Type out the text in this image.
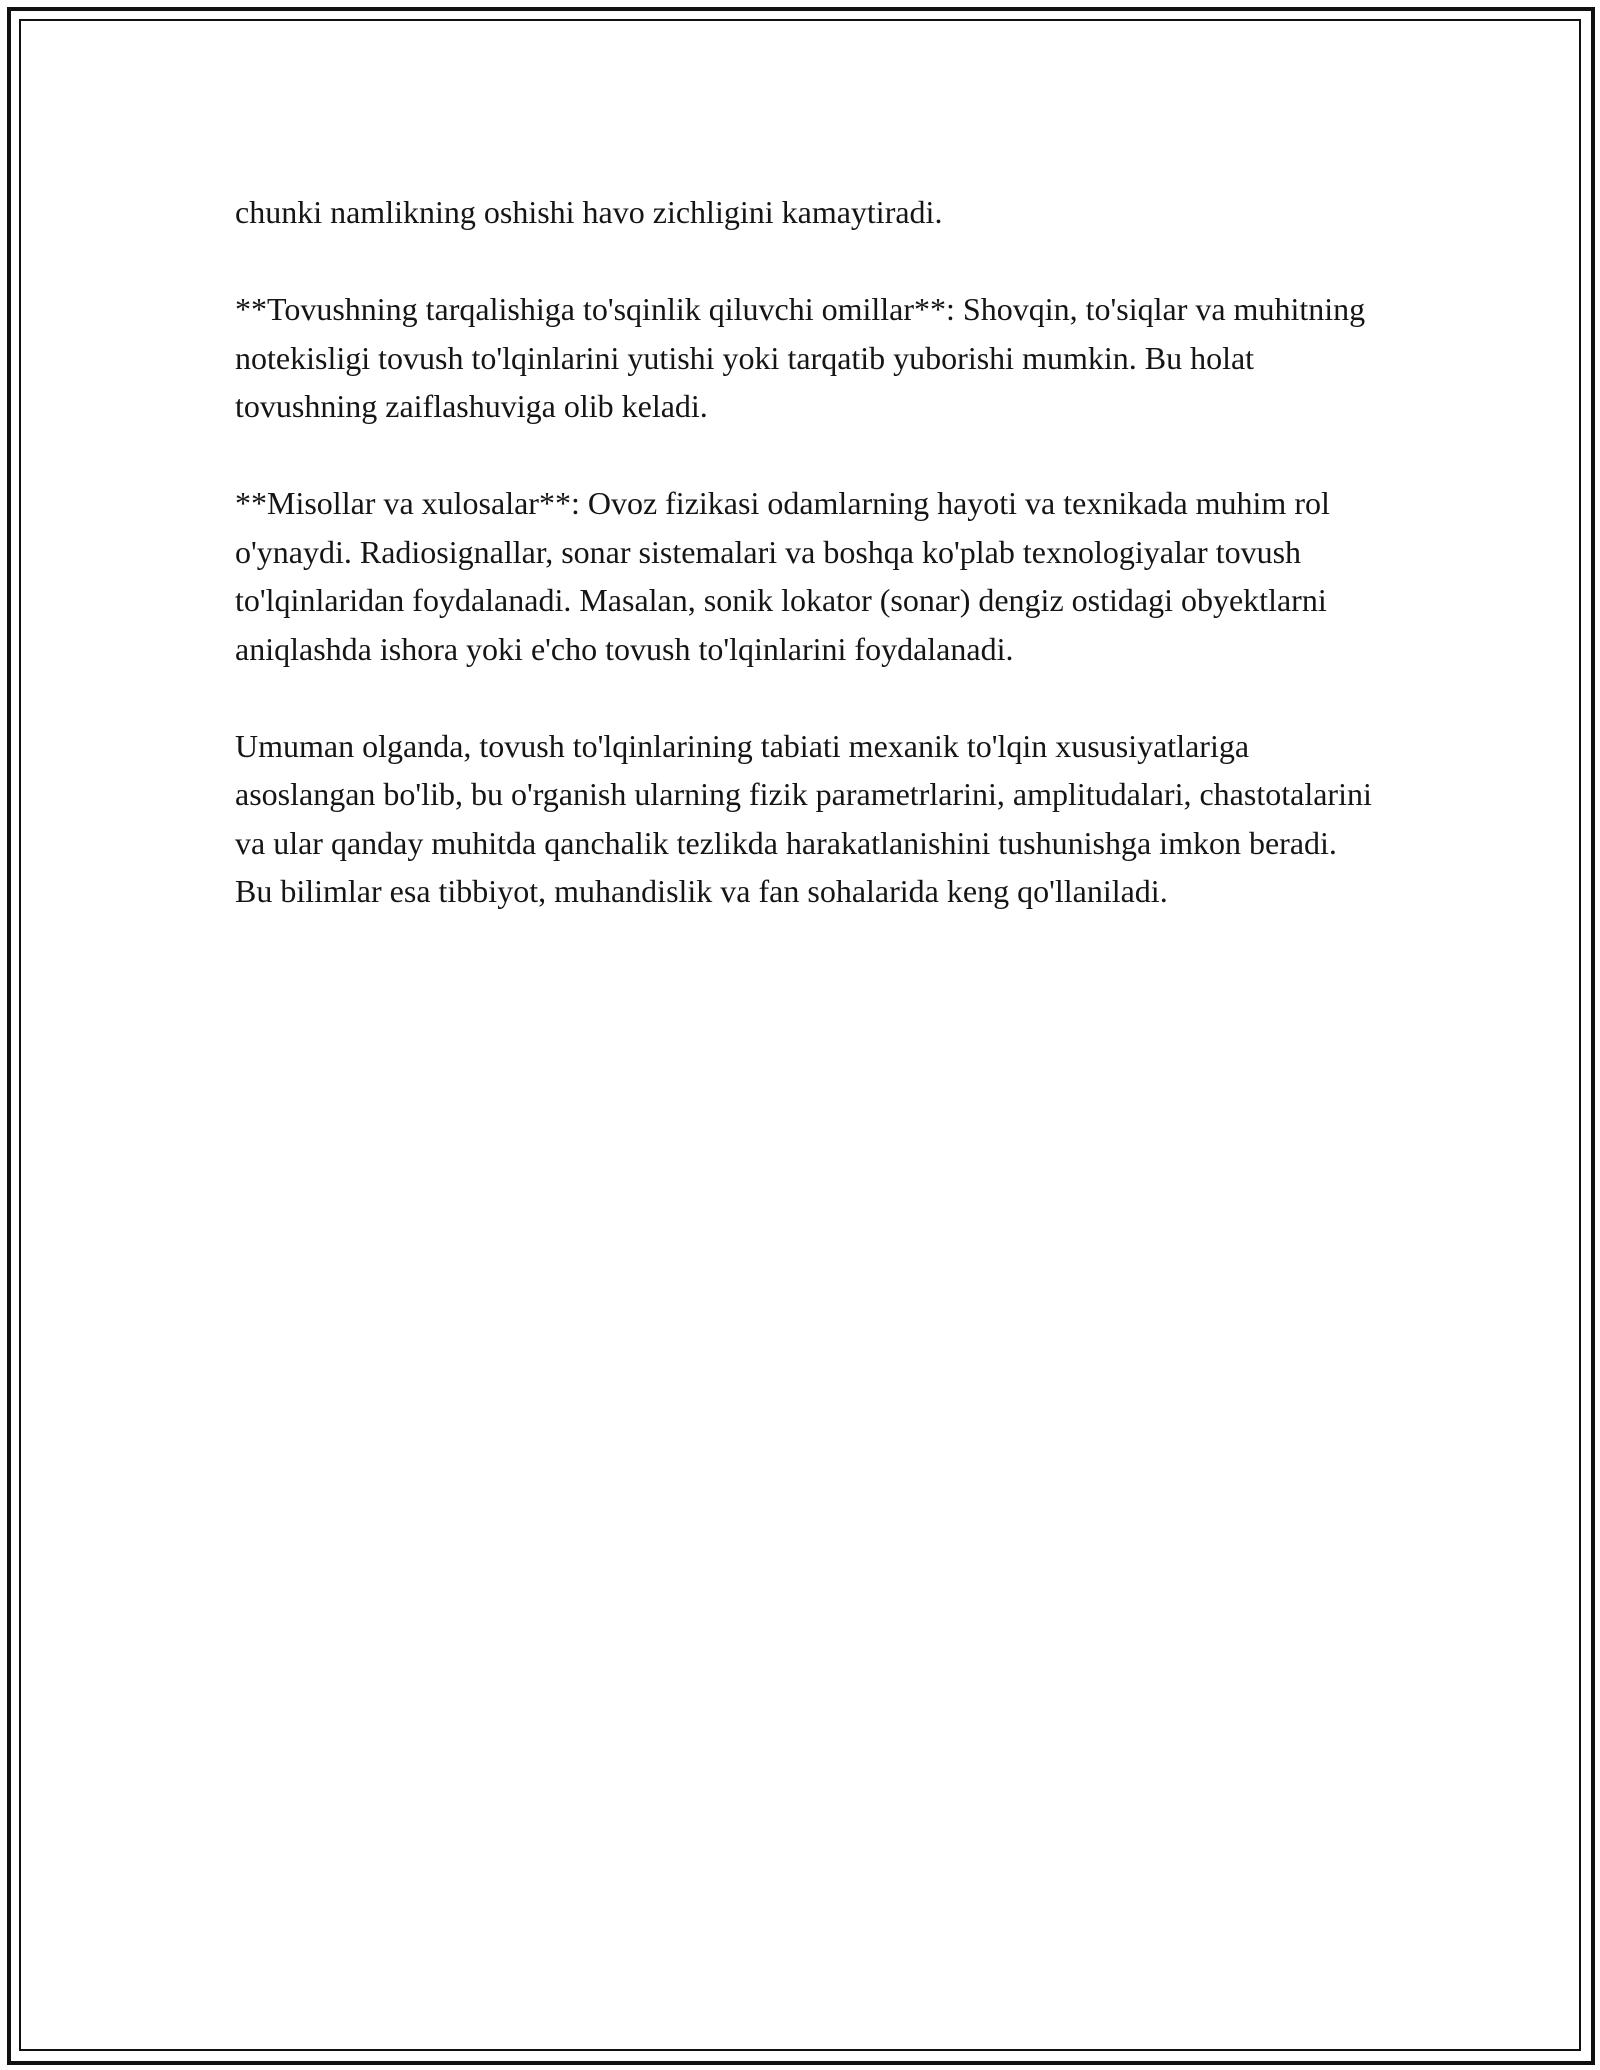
chunki namlikning oshishi havo zichligini kamaytiradi.

**Tovushning tarqalishiga to'sqinlik qiluvchi omillar**: Shovqin, to'siqlar va muhitning notekisligi tovush to'lqinlarini yutishi yoki tarqatib yuborishi mumkin. Bu holat tovushning zaiflashuviga olib keladi.

**Misollar va xulosalar**: Ovoz fizikasi odamlarning hayoti va texnikada muhim rol o'ynaydi. Radiosignallar, sonar sistemalari va boshqa ko'plab texnologiyalar tovush to'lqinlaridan foydalanadi. Masalan, sonik lokator (sonar) dengiz ostidagi obyektlarni aniqlashda ishora yoki e'cho tovush to'lqinlarini foydalanadi.

Umuman olganda, tovush to'lqinlarining tabiati mexanik to'lqin xususiyatlariga asoslangan bo'lib, bu o'rganish ularning fizik parametrlarini, amplitudalari, chastotalarini va ular qanday muhitda qanchalik tezlikda harakatlanishini tushunishga imkon beradi. Bu bilimlar esa tibbiyot, muhandislik va fan sohalarida keng qo'llaniladi.
